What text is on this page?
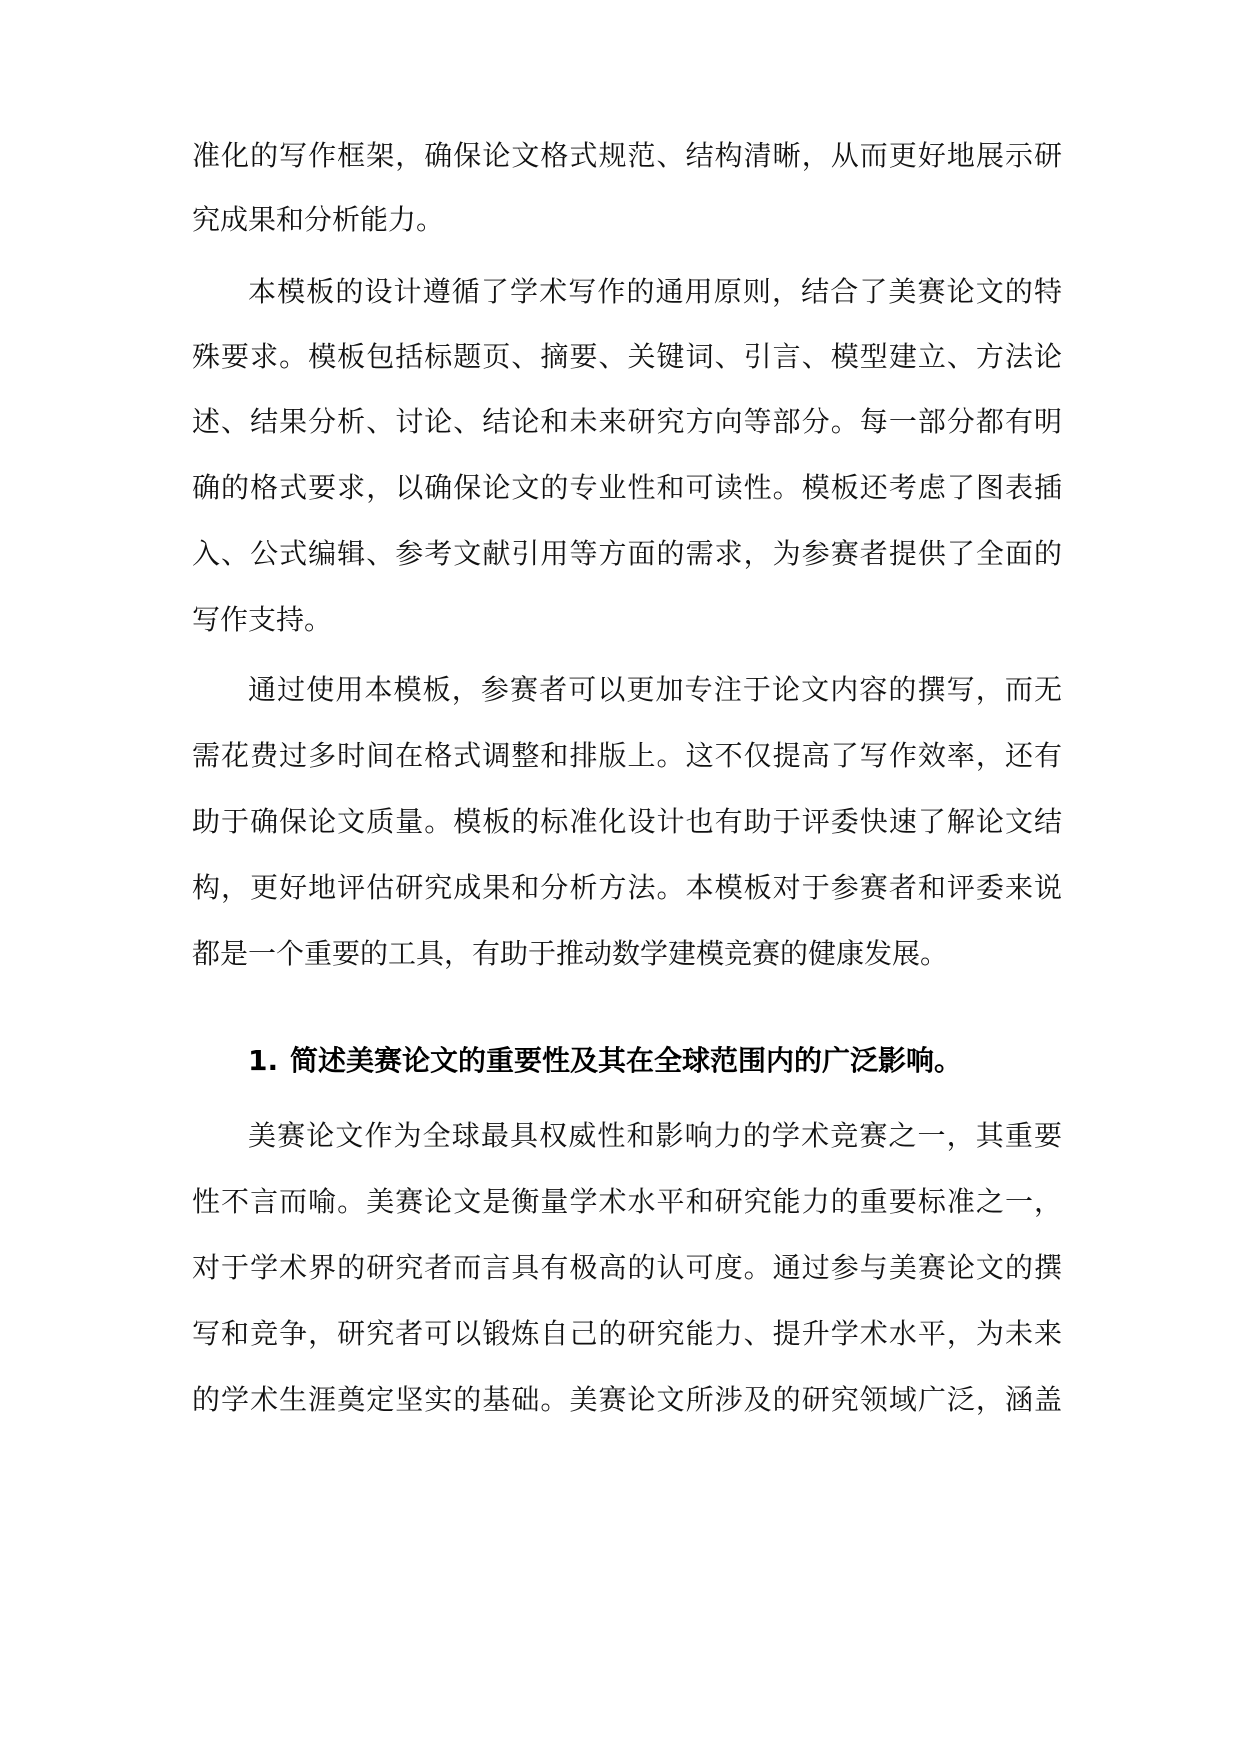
准化的写作框架，确保论文格式规范、结构清晰，从而更好地展示研
究成果和分析能力。
本模板的设计遵循了学术写作的通用原则，结合了美赛论文的特
殊要求。模板包括标题页、摘要、关键词、引言、模型建立、方法论
述、结果分析、讨论、结论和未来研究方向等部分。每一部分都有明
确的格式要求，以确保论文的专业性和可读性。模板还考虑了图表插
入、公式编辑、参考文献引用等方面的需求，为参赛者提供了全面的
写作支持。
通过使用本模板，参赛者可以更加专注于论文内容的撰写，而无
需花费过多时间在格式调整和排版上。这不仅提高了写作效率，还有
助于确保论文质量。模板的标准化设计也有助于评委快速了解论文结
构，更好地评估研究成果和分析方法。本模板对于参赛者和评委来说
都是一个重要的工具，有助于推动数学建模竞赛的健康发展。
1. 简述美赛论文的重要性及其在全球范围内的广泛影响。
美赛论文作为全球最具权威性和影响力的学术竞赛之一，其重要
性不言而喻。美赛论文是衡量学术水平和研究能力的重要标准之一，
对于学术界的研究者而言具有极高的认可度。通过参与美赛论文的撰
写和竞争，研究者可以锻炼自己的研究能力、提升学术水平，为未来
的学术生涯奠定坚实的基础。美赛论文所涉及的研究领域广泛，涵盖
